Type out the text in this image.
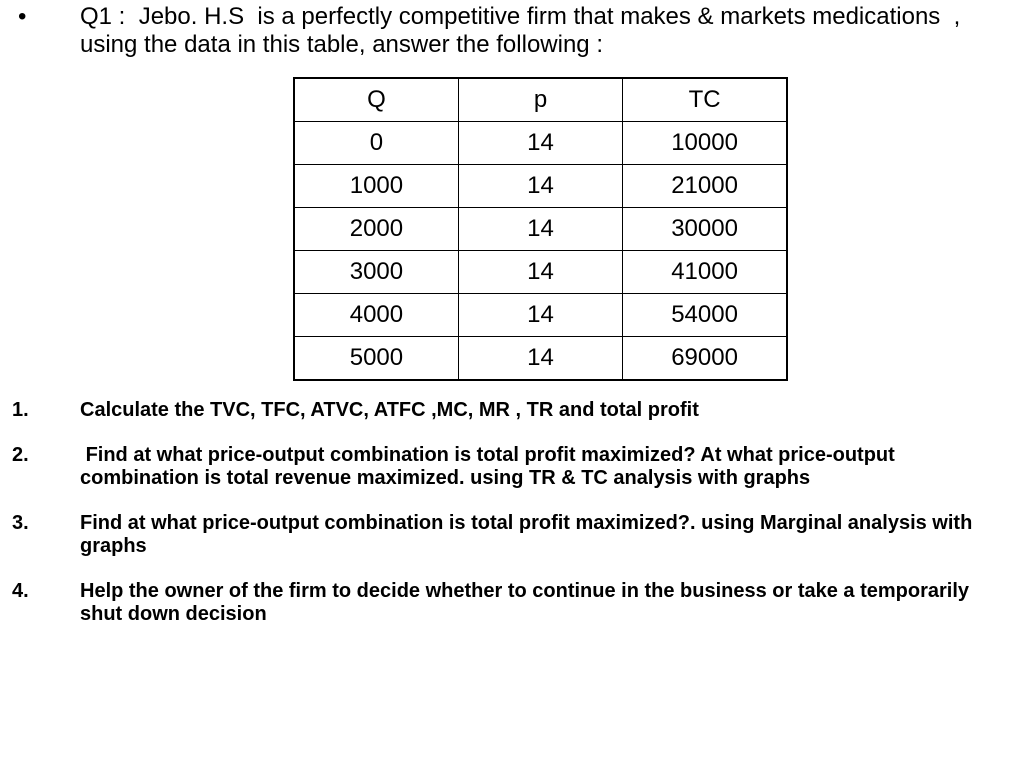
•	Q1 :  Jebo. H.S  is a perfectly competitive firm that makes & markets medications  , using the data in this table, answer the following :
Q	p	TC
0	14	10000
1000	14	21000
2000	14	30000
3000	14	41000
4000	14	54000
5000	14	69000
1.	Calculate the TVC, TFC, ATVC, ATFC ,MC, MR , TR and total profit
2.	Find at what price-output combination is total profit maximized? At what price-output combination is total revenue maximized. using TR & TC analysis with graphs
3.	Find at what price-output combination is total profit maximized?. using Marginal analysis with graphs
4.	Help the owner of the firm to decide whether to continue in the business or take a temporarily shut down decision
